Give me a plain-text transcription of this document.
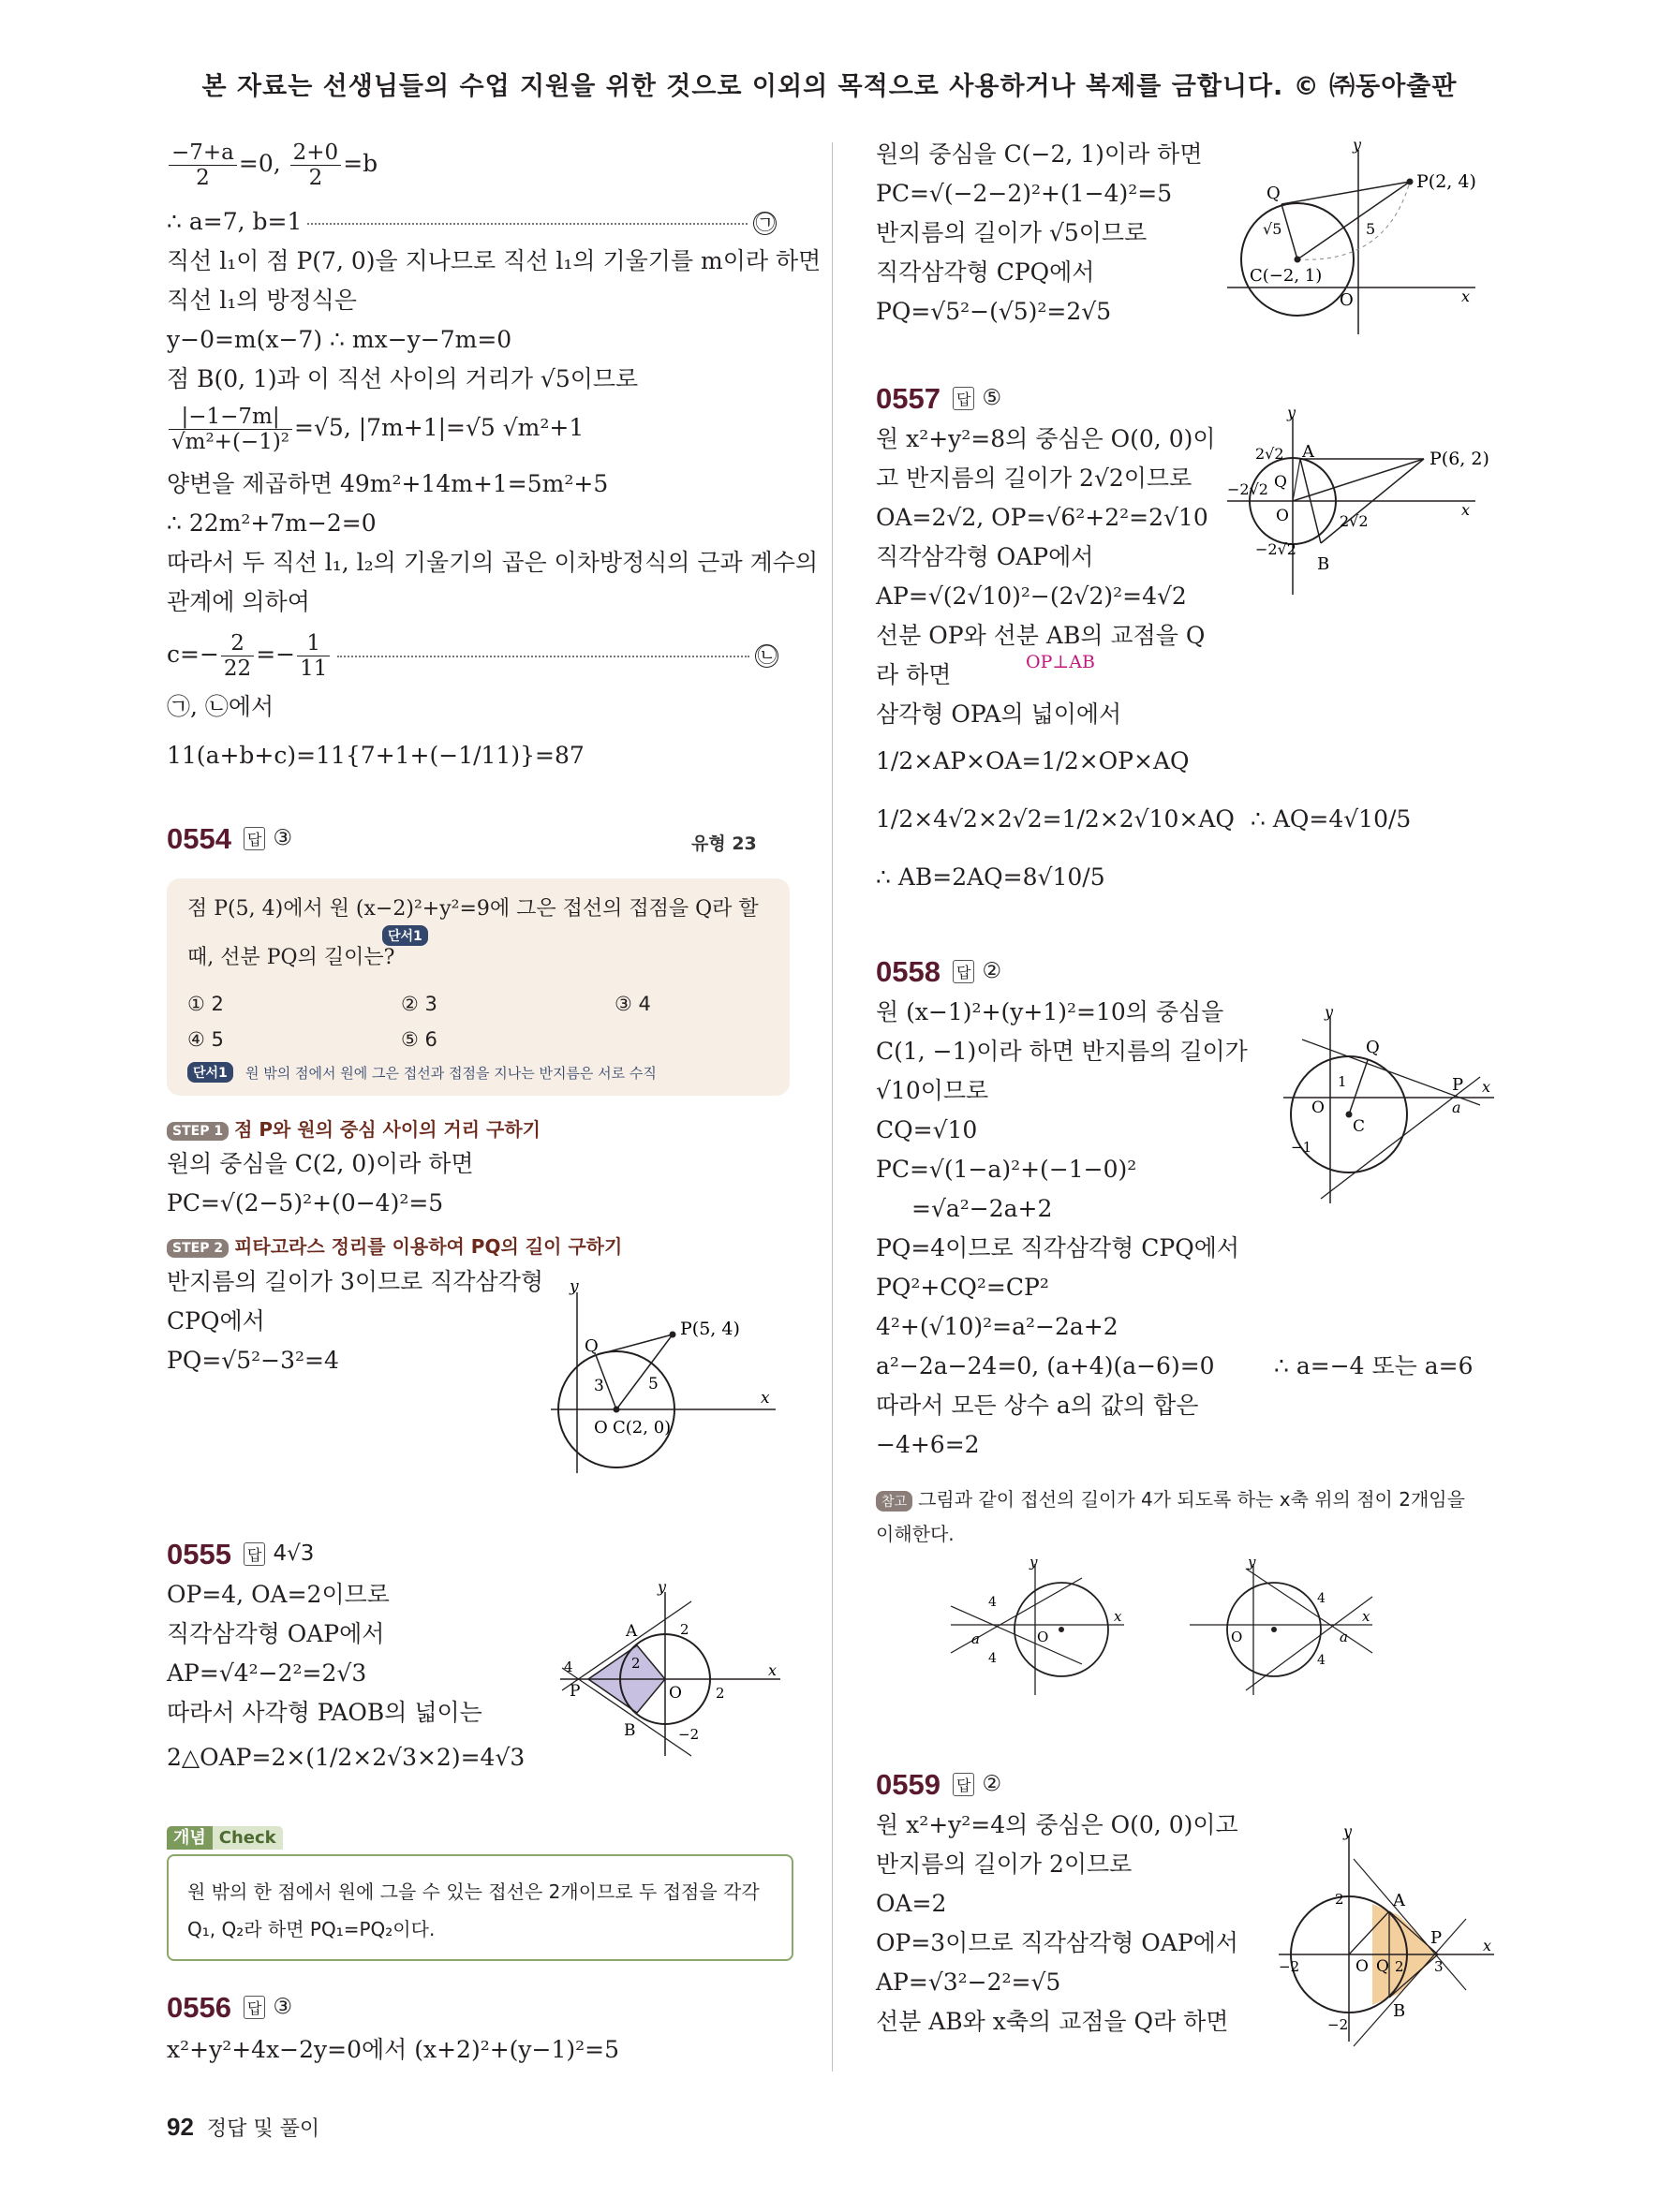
본 자료는 선생님들의 수업 지원을 위한 것으로 이외의 목적으로 사용하거나 복제를 금합니다. © ㈜동아출판
$\frac{-7+a}{2} =0$, $\frac{2+0}{2} =b$
∴ a=7, b=1	㉠
직선 l₁이 점 P(7, 0)을 지나므로 직선 l₁의 기울기를 m이라 하면
직선 l₁의 방정식은
y−0=m(x−7) ∴ mx−y−7m=0
점 B(0, 1)과 이 직선 사이의 거리가 √5이므로
$\frac{|-1-7m|}{\text{√m²+(−1)²}} =√5$, |7m+1|=√5 √m²+1
양변을 제곱하면 49m²+14m+1=5m²+5
∴ 22m²+7m−2=0
따라서 두 직선 l₁, l₂의 기울기의 곱은 이차방정식의 근과 계수의
관계에 의하여
$c=- \frac{2}{22} =- \frac{1}{11}$	㉡
㉠, ㉡에서
11(a+b+c)=11{7+1+(−1/11)}=87
0554 답 ③	유형 23
점 P(5, 4)에서 원 (x−2)²+y²=9에 그은 접선의 접점을 Q라 할
단서1
때, 선분 PQ의 길이는?
① 2	② 3	③ 4
④ 5	⑤ 6
단서1	원 밖의 점에서 원에 그은 접선과 접점을 지나는 반지름은 서로 수직
STEP 1 점 P와 원의 중심 사이의 거리 구하기
원의 중심을 C(2, 0)이라 하면
PC=√(2−5)²+(0−4)²=5
STEP 2 피타고라스 정리를 이용하여 PQ의 길이 구하기
반지름의 길이가 3이므로 직각삼각형
CPQ에서
PQ=√5²−3²=4
y
x
Q
P(5, 4)
O C(2, 0)
3	5
0555 답 4√3
OP=4, OA=2이므로
직각삼각형 OAP에서
AP=√4²−2²=2√3
따라서 사각형 PAOB의 넓이는
2△OAP=2×(1/2×2√3×2)=4√3
y
x
A
B
P	O
4	2
2
2
−2
개념 Check
원 밖의 한 점에서 원에 그을 수 있는 접선은 2개이므로 두 접점을 각각
Q₁, Q₂라 하면 PQ₁=PQ₂이다.
0556 답 ③
x²+y²+4x−2y=0에서 (x+2)²+(y−1)²=5
원의 중심을 C(−2, 1)이라 하면
PC=√(−2−2)²+(1−4)²=5
반지름의 길이가 √5이므로
직각삼각형 CPQ에서
PQ=√5²−(√5)²=2√5
y
x
Q
P(2, 4)
C(−2, 1)
O
√5	5
0557 답 ⑤
원 x²+y²=8의 중심은 O(0, 0)이
고 반지름의 길이가 2√2이므로
OA=2√2, OP=√6²+2²=2√10
직각삼각형 OAP에서
AP=√(2√10)²−(2√2)²=4√2
선분 OP와 선분 AB의 교점을 Q
라 하면	OP⊥AB
삼각형 OPA의 넓이에서
1/2×AP×OA=1/2×OP×AQ
1/2×4√2×2√2=1/2×2√10×AQ ∴ AQ=4√10/5
∴ AB=2AQ=8√10/5
y
x
A
B
P(6, 2)
Q
O
2√2
−2√2
−2√2
2√2
0558 답 ②
원 (x−1)²+(y+1)²=10의 중심을
C(1, −1)이라 하면 반지름의 길이가
√10이므로
CQ=√10
PC=√(1−a)²+(−1−0)²
=√a²−2a+2
PQ=4이므로 직각삼각형 CPQ에서
PQ²+CQ²=CP²
4²+(√10)²=a²−2a+2
a²−2a−24=0, (a+4)(a−6)=0	∴ a=−4 또는 a=6
따라서 모든 상수 a의 값의 합은
−4+6=2
참고 그림과 같이 접선의 길이가 4가 되도록 하는 x축 위의 점이 2개임을
이해한다.
y
x
Q
P
O
C
1
−1
a
y
x
O
a
4
4
y
x
O	a
4
4
0559 답 ②
원 x²+y²=4의 중심은 O(0, 0)이고
반지름의 길이가 2이므로
OA=2
OP=3이므로 직각삼각형 OAP에서
AP=√3²−2²=√5
선분 AB와 x축의 교점을 Q라 하면
y
x
A
B
P
Q
O
2
2 3
−2
−2
92 정답 및 풀이
